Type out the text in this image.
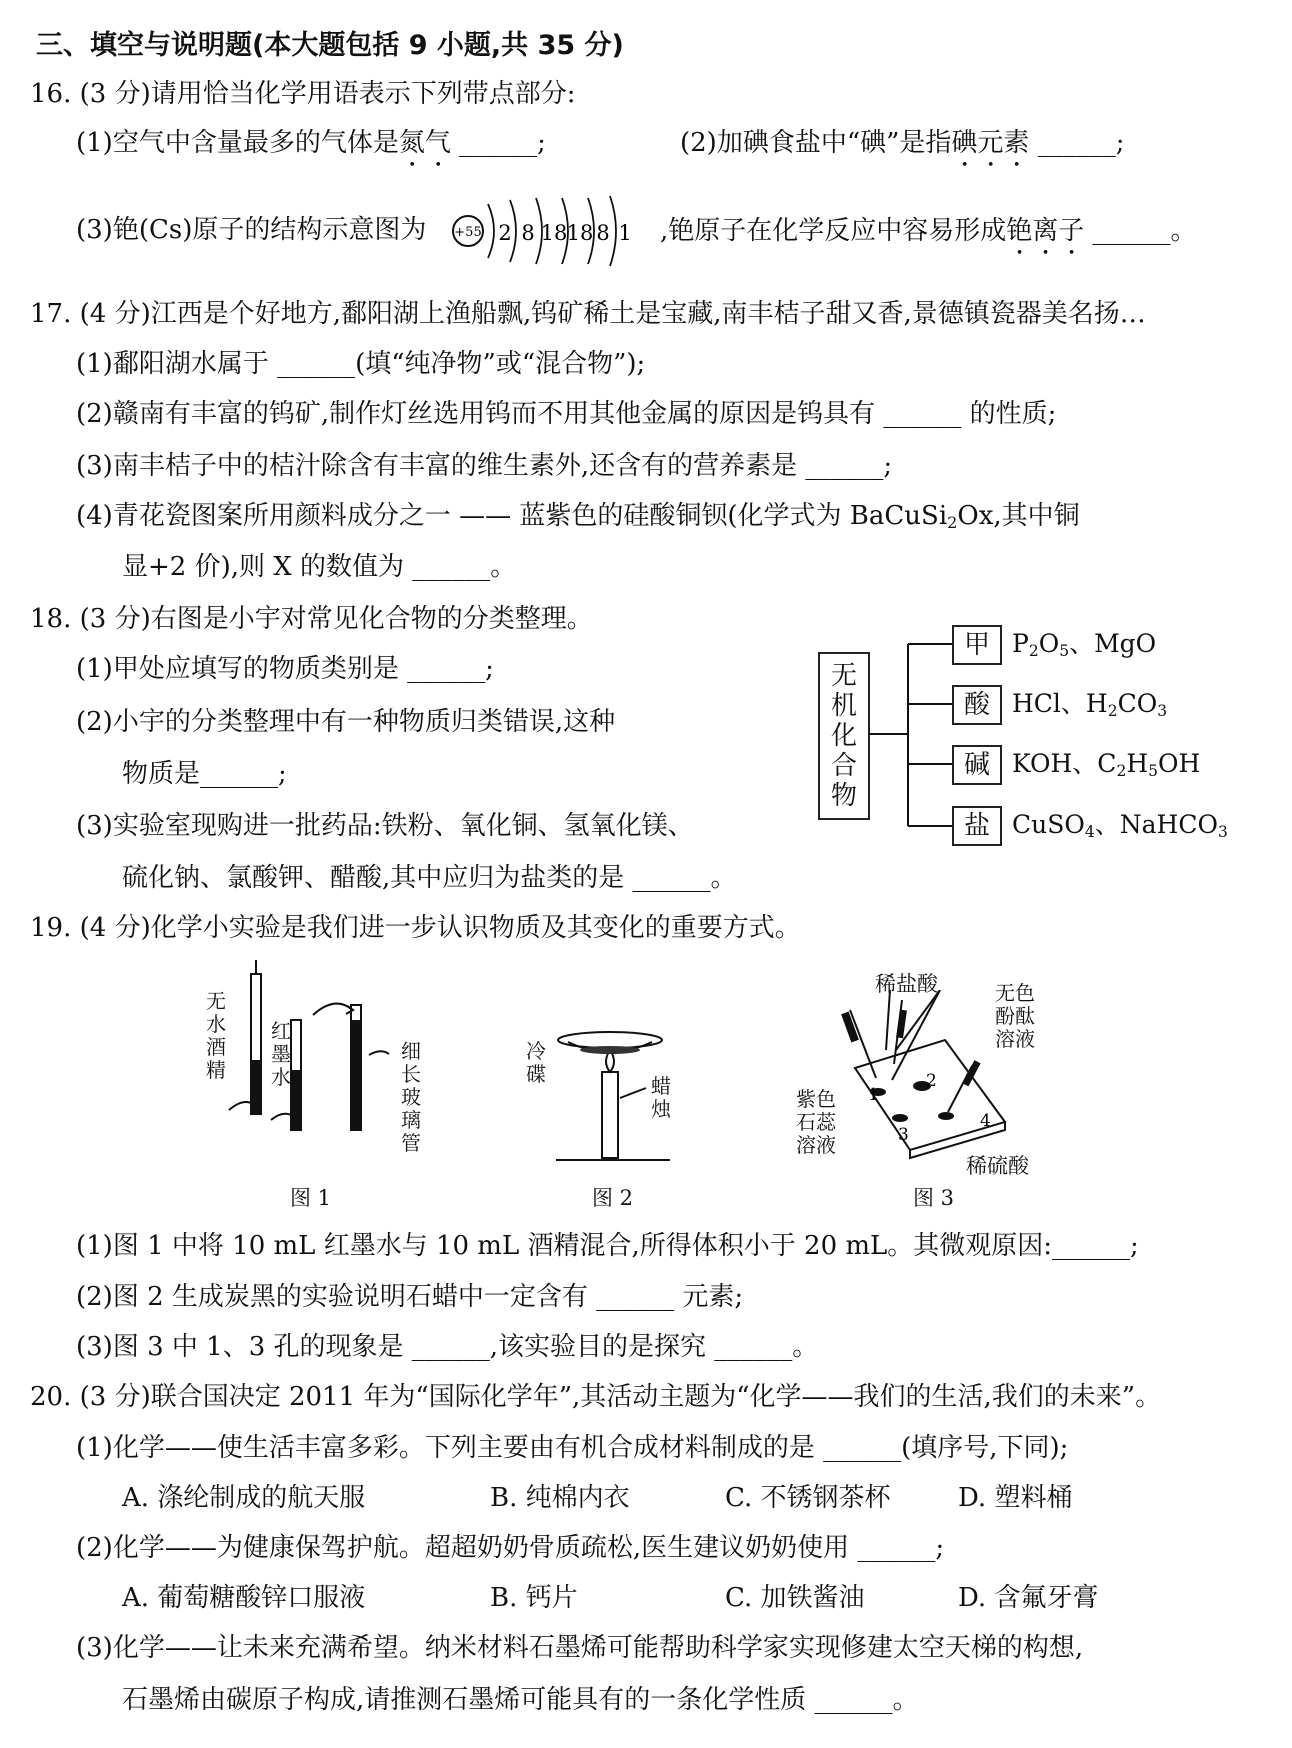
三、填空与说明题(本大题包括 9 小题,共 35 分)
16. (3 分)请用恰当化学用语表示下列带点部分:
(1)空气中含量最多的气体是氮气 ______;	(2)加碘食盐中“碘”是指碘元素 ______;
(3)铯(Cs)原子的结构示意图为 +55 2 8 18 18 8 1 ,铯原子在化学反应中容易形成铯离子 ______。
17. (4 分)江西是个好地方,鄱阳湖上渔船飘,钨矿稀土是宝藏,南丰桔子甜又香,景德镇瓷器美名扬…
(1)鄱阳湖水属于 ______(填“纯净物”或“混合物”);
(2)赣南有丰富的钨矿,制作灯丝选用钨而不用其他金属的原因是钨具有 ______ 的性质;
(3)南丰桔子中的桔汁除含有丰富的维生素外,还含有的营养素是 ______;
(4)青花瓷图案所用颜料成分之一 —— 蓝紫色的硅酸铜钡(化学式为 BaCuSi$_2$Ox,其中铜
显+2 价),则 X 的数值为 ______。
18. (3 分)右图是小宇对常见化合物的分类整理。
(1)甲处应填写的物质类别是 ______;
(2)小宇的分类整理中有一种物质归类错误,这种
物质是______;
(3)实验室现购进一批药品:铁粉、氧化铜、氢氧化镁、
硫化钠、氯酸钾、醋酸,其中应归为盐类的是 ______。
无机化合物
甲
酸
碱
盐
$P_2O_5$、MgO
HCl、$H_2CO_3$
KOH、$C_2H_5OH$
CuSO$_4$、NaHCO$_3$
19. (4 分)化学小实验是我们进一步认识物质及其变化的重要方式。
无水酒精
红墨水
细长玻璃管
图 1
冷碟	蜡烛
图 2
稀盐酸	无色酚酞溶液
紫色石蕊溶液
稀硫酸
1
2
3
4
图 3
(1)图 1 中将 10 mL 红墨水与 10 mL 酒精混合,所得体积小于 20 mL。其微观原因:______;
(2)图 2 生成炭黑的实验说明石蜡中一定含有 ______ 元素;
(3)图 3 中 1、3 孔的现象是 ______,该实验目的是探究 ______。
20. (3 分)联合国决定 2011 年为“国际化学年”,其活动主题为“化学——我们的生活,我们的未来”。
(1)化学——使生活丰富多彩。下列主要由有机合成材料制成的是 ______(填序号,下同);
A. 涤纶制成的航天服	B. 纯棉内衣	C. 不锈钢茶杯	D. 塑料桶
(2)化学——为健康保驾护航。超超奶奶骨质疏松,医生建议奶奶使用 ______;
A. 葡萄糖酸锌口服液	B. 钙片	C. 加铁酱油	D. 含氟牙膏
(3)化学——让未来充满希望。纳米材料石墨烯可能帮助科学家实现修建太空天梯的构想,
石墨烯由碳原子构成,请推测石墨烯可能具有的一条化学性质 ______。
